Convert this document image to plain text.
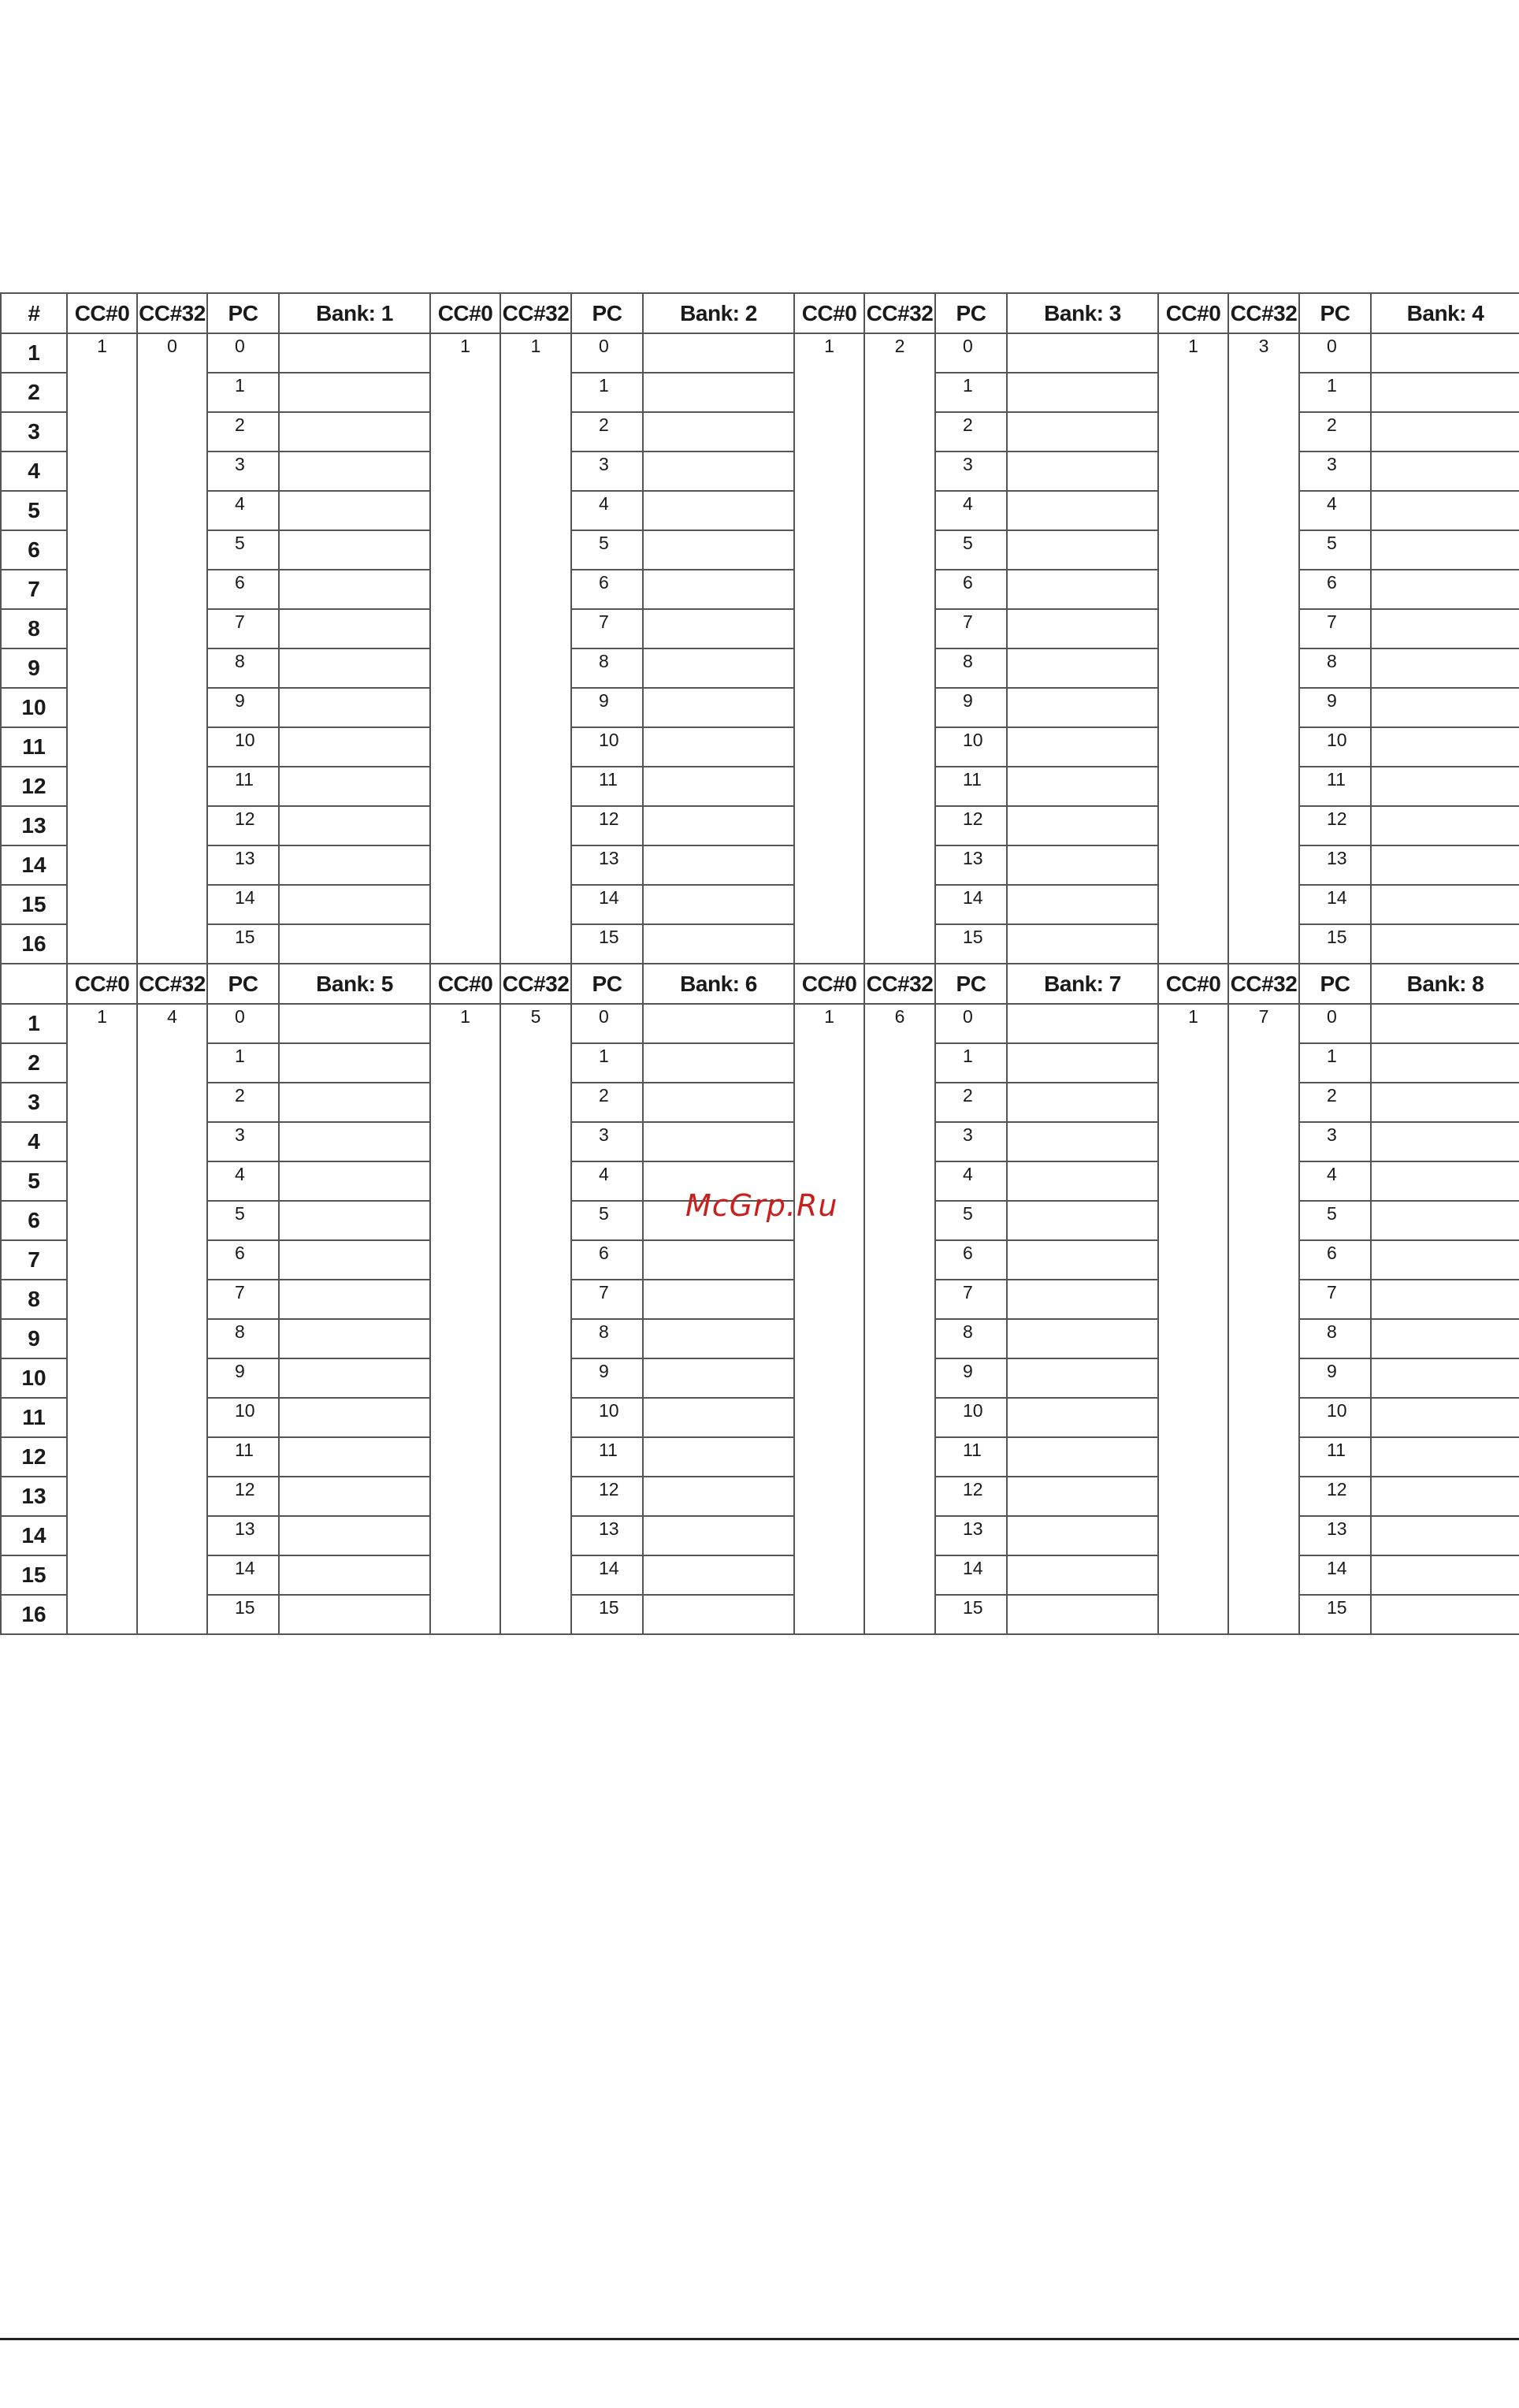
#	CC#0	CC#32	PC	Bank: 1	CC#0	CC#32	PC	Bank: 2	CC#0	CC#32	PC	Bank: 3	CC#0	CC#32	PC	Bank: 4
1	1	0	0		1	1	0		1	2	0		1	3	0	
2			1				1				1				1	
3			2				2				2				2	
4			3				3				3				3	
5			4				4				4				4	
6			5				5				5				5	
7			6				6				6				6	
8			7				7				7				7	
9			8				8				8				8	
10			9				9				9				9	
11			10				10				10				10	
12			11				11				11				11	
13			12				12				12				12	
14			13				13				13				13	
15			14				14				14				14	
16			15				15				15				15	
	CC#0	CC#32	PC	Bank: 5	CC#0	CC#32	PC	Bank: 6	CC#0	CC#32	PC	Bank: 7	CC#0	CC#32	PC	Bank: 8
1	1	4	0		1	5	0		1	6	0		1	7	0	
2			1				1				1				1	
3			2				2				2				2	
4			3				3				3				3	
5			4				4				4				4	
6			5				5				5				5	
7			6				6				6				6	
8			7				7				7				7	
9			8				8				8				8	
10			9				9				9				9	
11			10				10				10				10	
12			11				11				11				11	
13			12				12				12				12	
14			13				13				13				13	
15			14				14				14				14	
16			15				15				15				15	
McGrp.Ru
